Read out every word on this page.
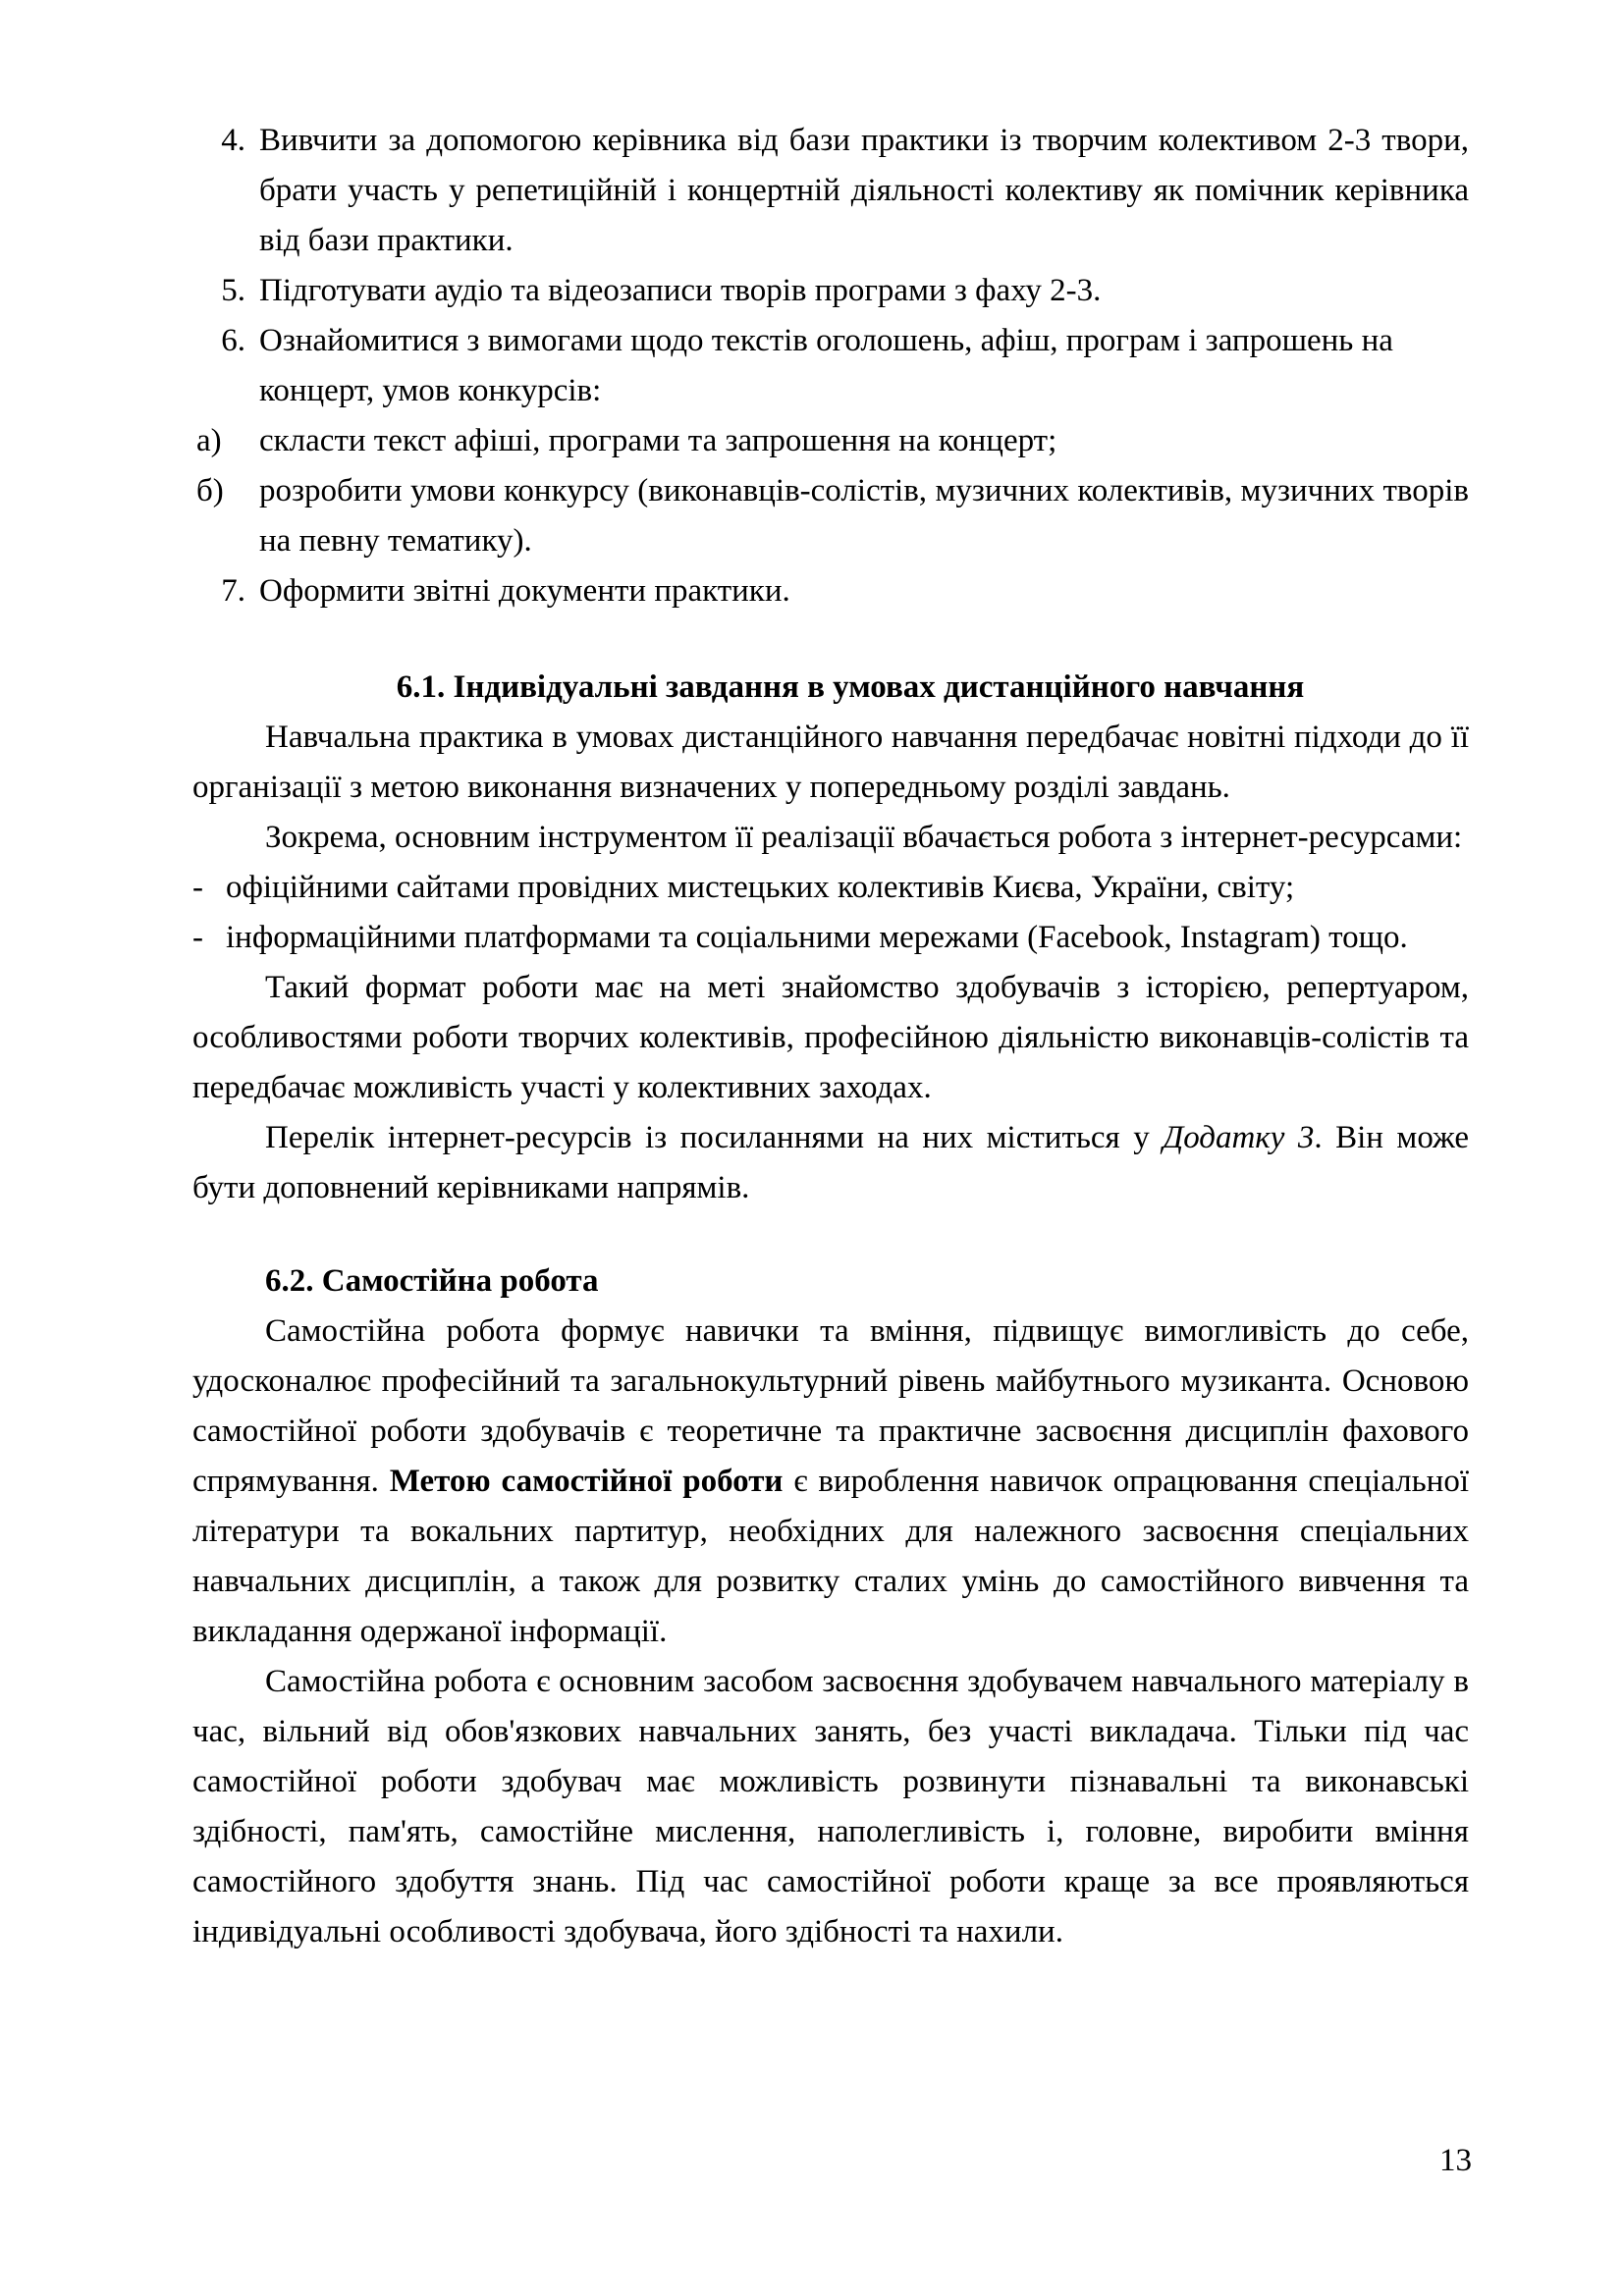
4. Вивчити за допомогою керівника від бази практики із творчим колективом 2-3 твори, брати участь у репетиційній і концертній діяльності колективу як помічник керівника від бази практики.
5. Підготувати аудіо та відеозаписи творів програми з фаху 2-3.
6. Ознайомитися з вимогами щодо текстів оголошень, афіш, програм і запрошень на концерт, умов конкурсів:
а)	скласти текст афіші, програми та запрошення на концерт;
б)	розробити умови конкурсу (виконавців-солістів, музичних колективів, музичних творів на певну тематику).
7. Оформити звітні документи практики.
6.1. Індивідуальні завдання в умовах дистанційного навчання

Навчальна практика в умовах дистанційного навчання передбачає новітні підходи до її організації з метою виконання визначених у попередньому розділі завдань.

Зокрема, основним інструментом її реалізації вбачається робота з інтернет-ресурсами:

- офіційними сайтами провідних мистецьких колективів Києва, України, світу;
- інформаційними платформами та соціальними мережами (Facebook, Instagram) тощо.

Такий формат роботи має на меті знайомство здобувачів з історією, репертуаром, особливостями роботи творчих колективів, професійною діяльністю виконавців-солістів та передбачає можливість участі у колективних заходах.

Перелік інтернет-ресурсів із посиланнями на них міститься у Додатку 3. Він може бути доповнений керівниками напрямів.

6.2. Самостійна робота

Самостійна робота формує навички та вміння, підвищує вимогливість до себе, удосконалює професійний та загальнокультурний рівень майбутнього музиканта. Основою самостійної роботи здобувачів є теоретичне та практичне засвоєння дисциплін фахового спрямування. Метою самостійної роботи є вироблення навичок опрацювання спеціальної літератури та вокальних партитур, необхідних для належного засвоєння спеціальних навчальних дисциплін, а також для розвитку сталих умінь до самостійного вивчення та викладання одержаної інформації.

Самостійна робота є основним засобом засвоєння здобувачем навчального матеріалу в час, вільний від обов'язкових навчальних занять, без участі викладача. Тільки під час самостійної роботи здобувач має можливість розвинути пізнавальні та виконавські здібності, пам'ять, самостійне мислення, наполегливість і, головне, виробити вміння самостійного здобуття знань. Під час самостійної роботи краще за все проявляються індивідуальні особливості здобувача, його здібності та нахили.

13
